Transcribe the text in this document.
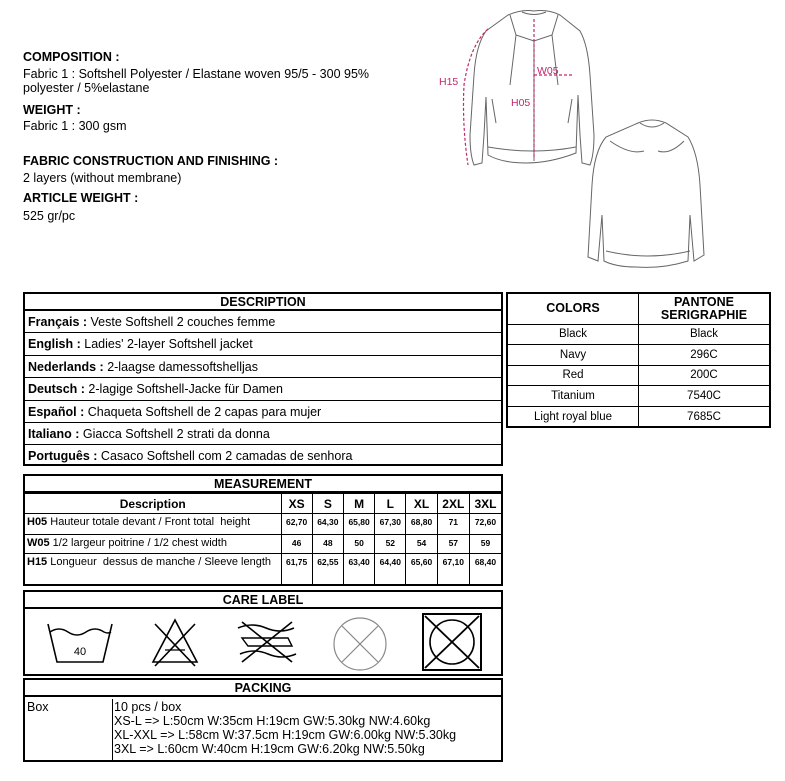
COMPOSITION :
Fabric 1 : Softshell Polyester / Elastane woven 95/5 - 300 95%
polyester / 5%elastane
WEIGHT :
Fabric 1 : 300 gsm
FABRIC CONSTRUCTION AND FINISHING :
2 layers (without membrane)
ARTICLE WEIGHT :
525 gr/pc
H15
W05
H05
DESCRIPTION
Français : Veste Softshell 2 couches femme
English : Ladies' 2-layer Softshell jacket
Nederlands : 2-laagse damessoftshelljas
Deutsch : 2-lagige Softshell-Jacke für Damen
Español : Chaqueta Softshell de 2 capas para mujer
Italiano : Giacca Softshell 2 strati da donna
Português : Casaco Softshell com 2 camadas de senhora
COLORS	PANTONE
SERIGRAPHIE
Black	Black
Navy	296C
Red	200C
Titanium	7540C
Light royal blue	7685C
MEASUREMENT
Description	XS	S	M	L	XL	2XL	3XL
H05 Hauteur totale devant / Front total  height	62,70	64,30	65,80	67,30	68,80	71	72,60
W05 1/2 largeur poitrine / 1/2 chest width	46	48	50	52	54	57	59
H15 Longueur  dessus de manche / Sleeve length	61,75	62,55	63,40	64,40	65,60	67,10	68,40
CARE LABEL
40
PACKING
Box	10 pcs / box
XS-L => L:50cm W:35cm H:19cm GW:5.30kg NW:4.60kg
XL-XXL => L:58cm W:37.5cm H:19cm GW:6.00kg NW:5.30kg
3XL => L:60cm W:40cm H:19cm GW:6.20kg NW:5.50kg
